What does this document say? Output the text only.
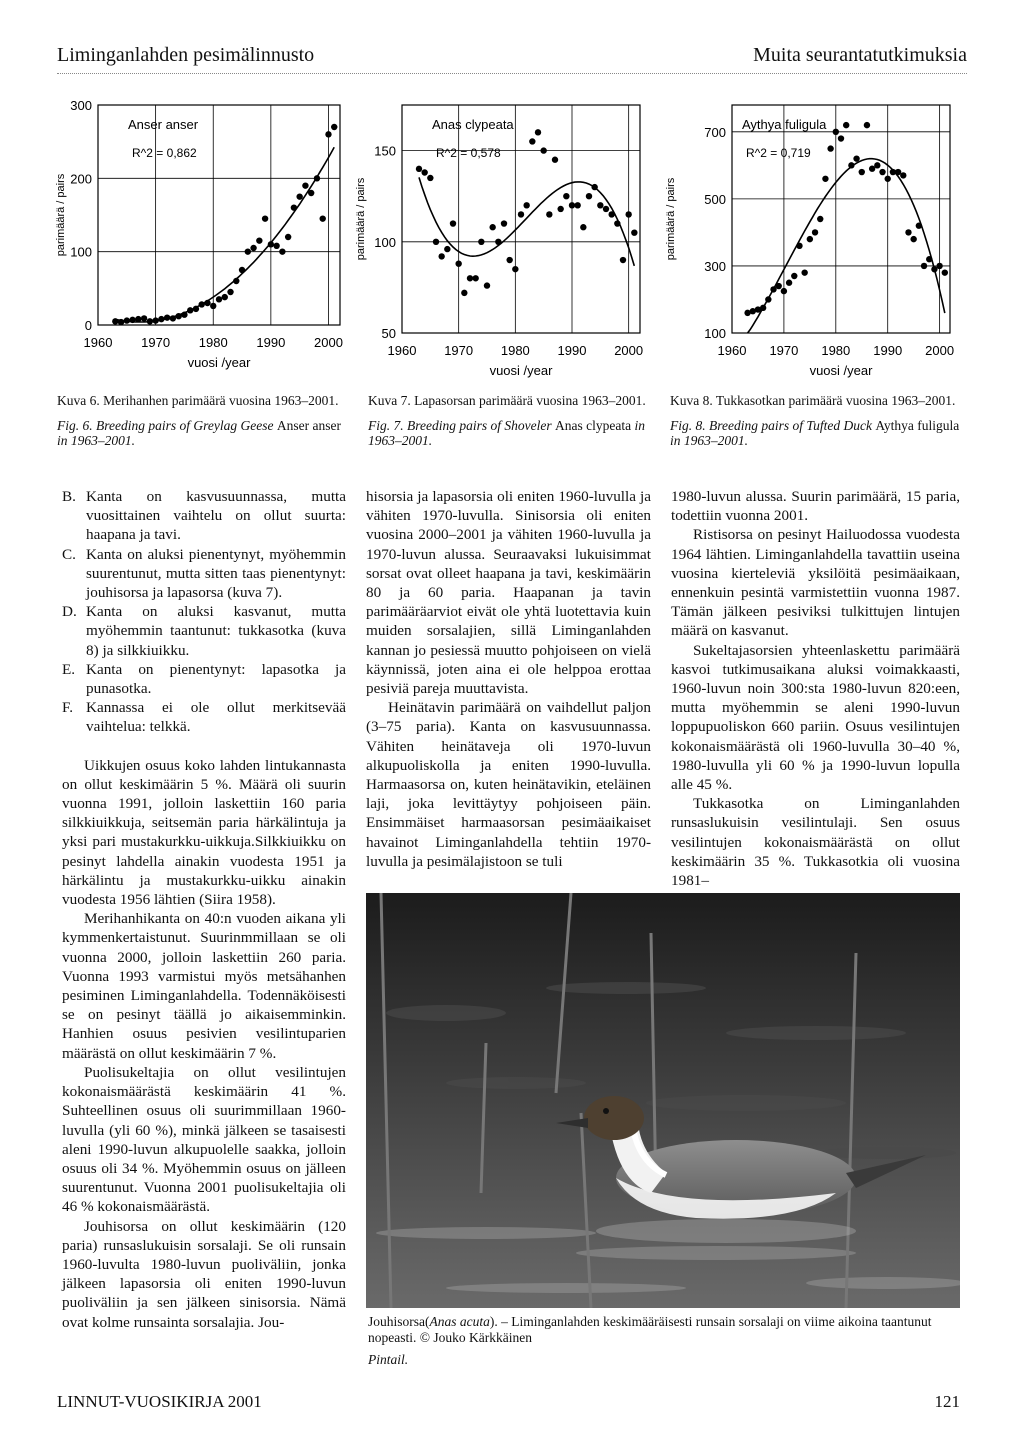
Liminganlahden pesimälinnusto	Muita seurantatutkimuksia
1960 1970 1980 1990 2000
300
200
100
0
vuosi /year
parimäärä / pairs
Anser anser
R^2 = 0,862
1960 1970 1980 1990 2000
150
100
50
vuosi /year
parimäärä / pairs
Anas clypeata
R^2 = 0,578
1960 1970 1980 1990 2000
700
500
300
100
vuosi /year
parimäärä / pairs
Aythya fuligula
R^2 = 0,719

Kuva 6. Merihanhen parimäärä vuosina 1963–2001.

Fig. 6. Breeding pairs of Greylag Geese Anser anser in 1963–2001.

Kuva 7. Lapasorsan parimäärä vuosina 1963–2001.

Fig. 7. Breeding pairs of Shoveler Anas clypeata in 1963–2001.

Kuva 8. Tukkasotkan parimäärä vuosina 1963–2001.

Fig. 8. Breeding pairs of Tufted Duck Aythya fuligula in 1963–2001.

B. Kanta on kasvusuunnassa, mutta vuosittainen vaihtelu on ollut suurta: haapana ja tavi.
C. Kanta on aluksi pienentynyt, myöhemmin suurentunut, mutta sitten taas pienentynyt: jouhisorsa ja lapasorsa (kuva 7).
D. Kanta on aluksi kasvanut, mutta myöhemmin taantunut: tukkasotka (kuva 8) ja silkkiuikku.
E. Kanta on pienentynyt: lapasotka ja punasotka.
F. Kannassa ei ole ollut merkitsevää vaihtelua: telkkä.

Uikkujen osuus koko lahden lintukannasta on ollut keskimäärin 5 %. Määrä oli suurin vuonna 1991, jolloin laskettiin 160 paria silkkiuikkuja, seitsemän paria härkälintuja ja yksi pari mustakurkku-uikkuja.Silkkiuikku on pesinyt lahdella ainakin vuodesta 1951 ja härkälintu ja mustakurkku-uikku ainakin vuodesta 1956 lähtien (Siira 1958).

Merihanhikanta on 40:n vuoden aikana yli kymmenkertaistunut. Suurinmmillaan se oli vuonna 2000, jolloin laskettiin 260 paria. Vuonna 1993 varmistui myös metsähanhen pesiminen Liminganlahdella. Todennäköisesti se on pesinyt täällä jo aikaisemminkin. Hanhien osuus pesivien vesilintuparien määrästä on ollut keskimäärin 7 %.

Puolisukeltajia on ollut vesilintujen kokonaismäärästä keskimäärin 41 %. Suhteellinen osuus oli suurimmillaan 1960-luvulla (yli 60 %), minkä jälkeen se tasaisesti aleni 1990-luvun alkupuolelle saakka, jolloin osuus oli 34 %. Myöhemmin osuus on jälleen suurentunut. Vuonna 2001 puolisukeltajia oli 46 % kokonaismäärästä.

Jouhisorsa on ollut keskimäärin (120 paria) runsaslukuisin sorsalaji. Se oli runsain 1960-luvulta 1980-luvun puoliväliin, jonka jälkeen lapasorsia oli eniten 1990-luvun puoliväliin ja sen jälkeen sinisorsia. Nämä ovat kolme runsainta sorsalajia. Jou-

hisorsia ja lapasorsia oli eniten 1960-luvulla ja vähiten 1970-luvulla. Sinisorsia oli eniten vuosina 2000–2001 ja vähiten 1960-luvulla ja 1970-luvun alussa. Seuraavaksi lukuisimmat sorsat ovat olleet haapana ja tavi, keskimäärin 80 ja 60 paria. Haapanan ja tavin parimääräarviot eivät ole yhtä luotettavia kuin muiden sorsalajien, sillä Liminganlahden kannan jo pesiessä muutto pohjoiseen on vielä käynnissä, joten aina ei ole helppoa erottaa pesiviä pareja muuttavista.

Heinätavin parimäärä on vaihdellut paljon (3–75 paria). Kanta on kasvusuunnassa. Vähiten heinätaveja oli 1970-luvun alkupuoliskolla ja eniten 1990-luvulla. Harmaasorsa on, kuten heinätavikin, eteläinen laji, joka levittäytyy pohjoiseen päin. Ensimmäiset harmaasorsan pesimäaikaiset havainot Liminganlahdella tehtiin 1970-luvulla ja pesimälajistoon se tuli

1980-luvun alussa. Suurin parimäärä, 15 paria, todettiin vuonna 2001.

Ristisorsa on pesinyt Hailuodossa vuodesta 1964 lähtien. Liminganlahdella tavattiin useina vuosina kierteleviä yksilöitä pesimäaikaan, ennenkuin pesintä varmistettiin vuonna 1987. Tämän jälkeen pesiviksi tulkittujen lintujen määrä on kasvanut.

Sukeltajasorsien yhteenlaskettu parimäärä kasvoi tutkimusaikana aluksi voimakkaasti, 1960-luvun noin 300:sta 1980-luvun 820:een, mutta myöhemmin se aleni 1990-luvun loppupuoliskon 660 pariin. Osuus vesilintujen kokonaismäärästä oli 1960-luvulla 30–40 %, 1980-luvulla yli 60 % ja 1990-luvun lopulla alle 45 %.

Tukkasotka on Liminganlahden runsaslukuisin vesilintulaji. Sen osuus vesilintujen kokonaismäärästä on ollut keskimäärin 35 %. Tukkasotkia oli vuosina 1981–

Jouhisorsa(Anas acuta). – Liminganlahden keskimääräisesti runsain sorsalaji on viime aikoina taantunut nopeasti. © Jouko Kärkkäinen

Pintail.

LINNUT-VUOSIKIRJA 2001	121
